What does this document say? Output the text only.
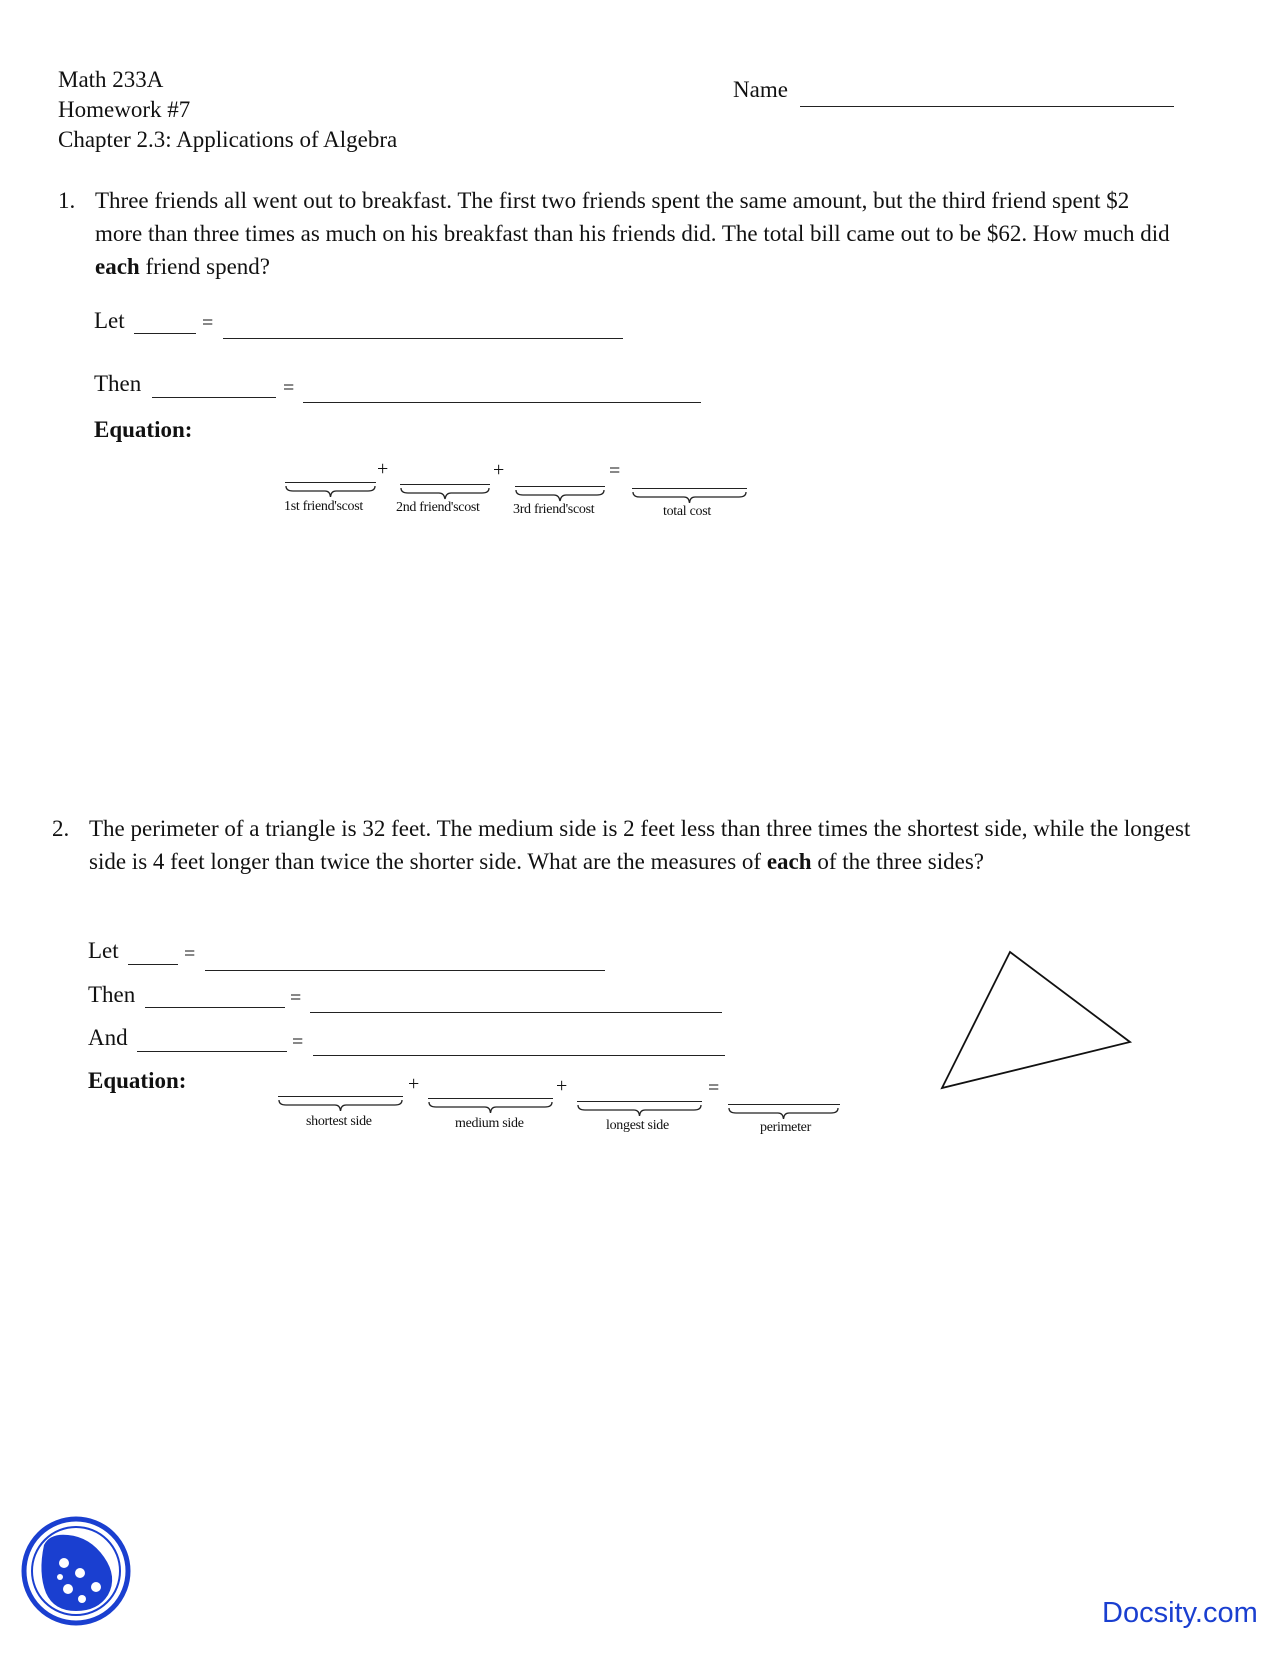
Math 233A
Homework #7
Chapter 2.3: Applications of Algebra
Name
1. Three friends all went out to breakfast. The first two friends spent the same amount, but the third friend spent $2 more than three times as much on his breakfast than his friends did. The total bill came out to be $62. How much did each friend spend?
Let	=
Then	=
Equation:
+	+	=
1st friend'scost 2nd friend'scost 3rd friend'scost	total cost
2. The perimeter of a triangle is 32 feet. The medium side is 2 feet less than three times the shortest side, while the longest side is 4 feet longer than twice the shorter side. What are the measures of each of the three sides?
Let	=
Then	=
And	=
Equation:	+	+	=
shortest side	medium side	longest side	perimeter
Docsity.com
